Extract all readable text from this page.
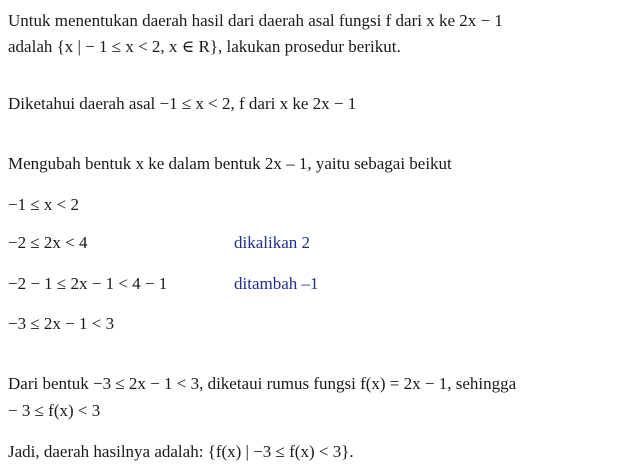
Untuk menentukan daerah hasil dari daerah asal fungsi f dari x ke 2x − 1
adalah {x | − 1 ≤ x < 2, x ∈ R}, lakukan prosedur berikut.
Diketahui daerah asal −1 ≤ x < 2, f dari x ke 2x − 1
Mengubah bentuk x ke dalam bentuk 2x – 1, yaitu sebagai beikut
−1 ≤ x < 2
−2 ≤ 2x < 4	dikalikan 2
−2 − 1 ≤ 2x − 1 < 4 − 1	ditambah –1
−3 ≤ 2x − 1 < 3
Dari bentuk −3 ≤ 2x − 1 < 3, diketaui rumus fungsi f(x) = 2x − 1, sehingga
− 3 ≤ f(x) < 3
Jadi, daerah hasilnya adalah: {f(x) | −3 ≤ f(x) < 3}.
